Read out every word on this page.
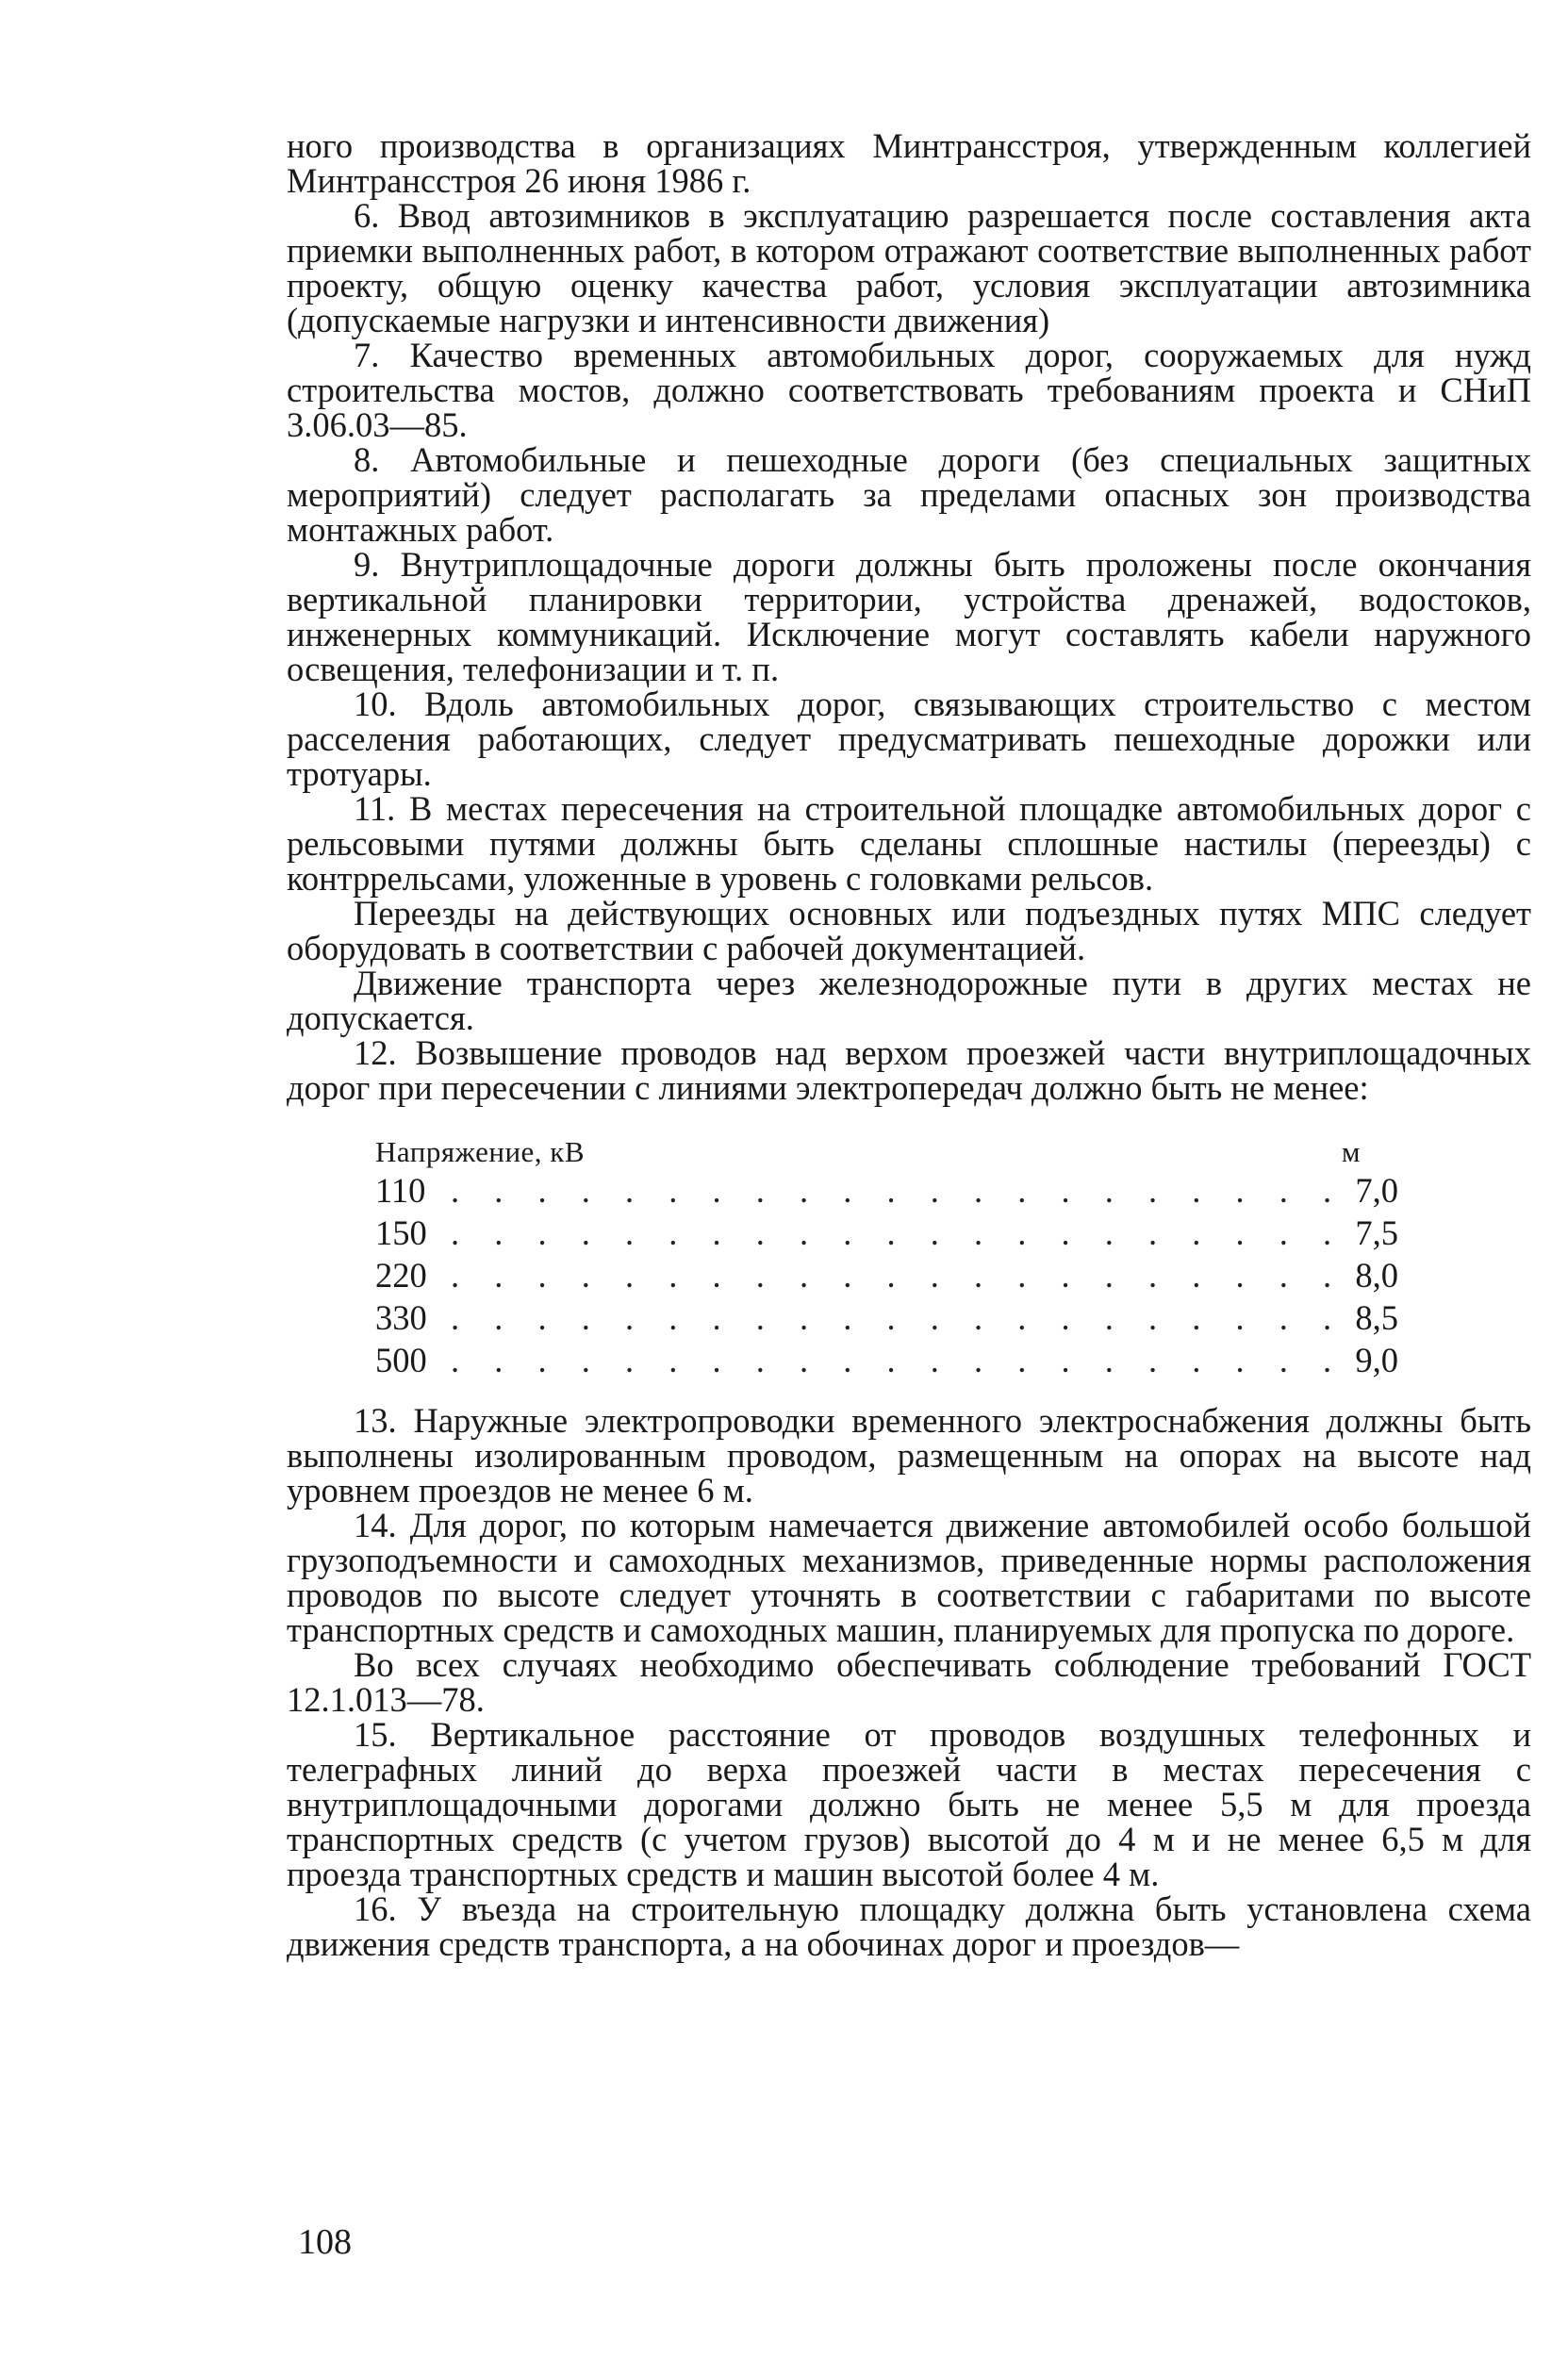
ного производства в организациях Минтрансстроя, утвержденным коллегией Минтрансстроя 26 июня 1986 г.

6. Ввод автозимников в эксплуатацию разрешается после составления акта приемки выполненных работ, в котором отражают соответствие выполненных работ проекту, общую оценку качества работ, условия эксплуатации автозимника (допускаемые нагрузки и интенсивности движения)

7. Качество временных автомобильных дорог, сооружаемых для нужд строительства мостов, должно соответствовать требованиям проекта и СНиП 3.06.03—85.

8. Автомобильные и пешеходные дороги (без специальных защитных мероприятий) следует располагать за пределами опасных зон производства монтажных работ.

9. Внутриплощадочные дороги должны быть проложены после окончания вертикальной планировки территории, устройства дренажей, водостоков, инженерных коммуникаций. Исключение могут составлять кабели наружного освещения, телефонизации и т. п.

10. Вдоль автомобильных дорог, связывающих строительство с местом расселения работающих, следует предусматривать пешеходные дорожки или тротуары.

11. В местах пересечения на строительной площадке автомобильных дорог с рельсовыми путями должны быть сделаны сплошные настилы (переезды) с контррельсами, уложенные в уровень с головками рельсов.

Переезды на действующих основных или подъездных путях МПС следует оборудовать в соответствии с рабочей документацией.

Движение транспорта через железнодорожные пути в других местах не допускается.

12. Возвышение проводов над верхом проезжей части внутриплощадочных дорог при пересечении с линиями электропередач должно быть не менее:

Напряжение, кВ	м
110 . . .	7,0
150 . . .	7,5
220 . . .	8,0
330 . . .	8,5
500 . . .	9,0

13. Наружные электропроводки временного электроснабжения должны быть выполнены изолированным проводом, размещенным на опорах на высоте над уровнем проездов не менее 6 м.

14. Для дорог, по которым намечается движение автомобилей особо большой грузоподъемности и самоходных механизмов, приведенные нормы расположения проводов по высоте следует уточнять в соответствии с габаритами по высоте транспортных средств и самоходных машин, планируемых для пропуска по дороге.

Во всех случаях необходимо обеспечивать соблюдение требований ГОСТ 12.1.013—78.

15. Вертикальное расстояние от проводов воздушных телефонных и телеграфных линий до верха проезжей части в местах пересечения с внутриплощадочными дорогами должно быть не менее 5,5 м для проезда транспортных средств (с учетом грузов) высотой до 4 м и не менее 6,5 м для проезда транспортных средств и машин высотой более 4 м.

16. У въезда на строительную площадку должна быть установлена схема движения средств транспорта, а на обочинах дорог и проездов—

108
